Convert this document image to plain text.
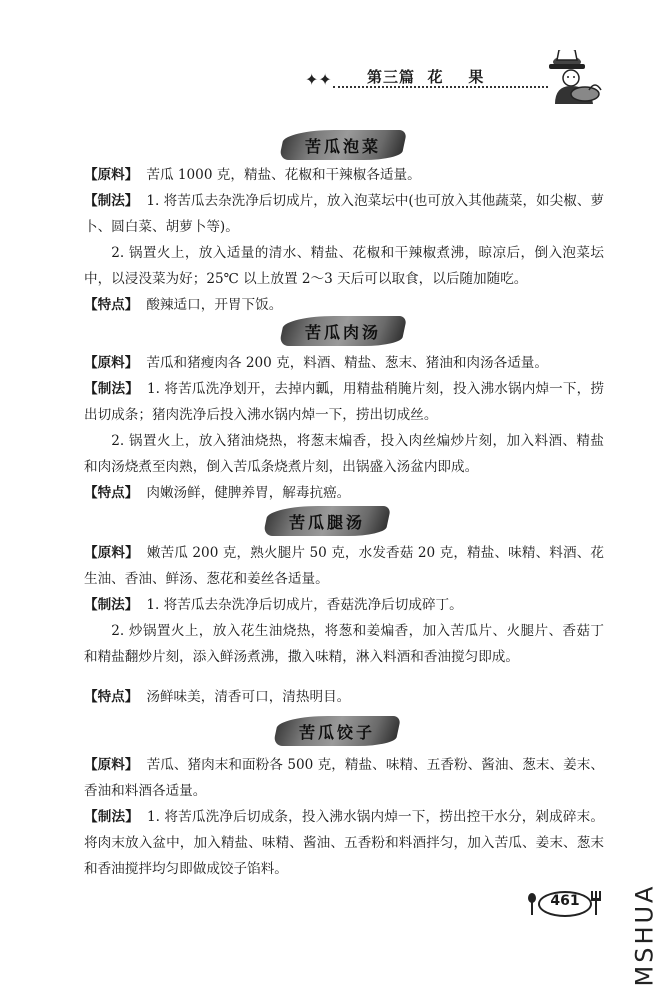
✦✦ 第三篇  花    果
苦瓜泡菜
【原料】 苦瓜 1000 克，精盐、花椒和干辣椒各适量。
【制法】 1. 将苦瓜去杂洗净后切成片，放入泡菜坛中(也可放入其他蔬菜，如尖椒、萝卜、圆白菜、胡萝卜等)。
2. 锅置火上，放入适量的清水、精盐、花椒和干辣椒煮沸，晾凉后，倒入泡菜坛中，以浸没菜为好；25℃ 以上放置 2～3 天后可以取食，以后随加随吃。
【特点】 酸辣适口，开胃下饭。
苦瓜肉汤
【原料】 苦瓜和猪瘦肉各 200 克，料酒、精盐、葱末、猪油和肉汤各适量。
【制法】 1. 将苦瓜洗净划开，去掉内瓤，用精盐稍腌片刻，投入沸水锅内焯一下，捞出切成条；猪肉洗净后投入沸水锅内焯一下，捞出切成丝。
2. 锅置火上，放入猪油烧热，将葱末煸香，投入肉丝煸炒片刻，加入料酒、精盐和肉汤烧煮至肉熟，倒入苦瓜条烧煮片刻，出锅盛入汤盆内即成。
【特点】 肉嫩汤鲜，健脾养胃，解毒抗癌。
苦瓜腿汤
【原料】 嫩苦瓜 200 克，熟火腿片 50 克，水发香菇 20 克，精盐、味精、料酒、花生油、香油、鲜汤、葱花和姜丝各适量。
【制法】 1. 将苦瓜去杂洗净后切成片，香菇洗净后切成碎丁。
2. 炒锅置火上，放入花生油烧热，将葱和姜煸香，加入苦瓜片、火腿片、香菇丁和精盐翻炒片刻，添入鲜汤煮沸，撒入味精，淋入料酒和香油搅匀即成。
【特点】 汤鲜味美，清香可口，清热明目。
苦瓜饺子
【原料】 苦瓜、猪肉末和面粉各 500 克，精盐、味精、五香粉、酱油、葱末、姜末、香油和料酒各适量。
【制法】 1. 将苦瓜洗净后切成条，投入沸水锅内焯一下，捞出控干水分，剁成碎末。将肉末放入盆中，加入精盐、味精、酱油、五香粉和料酒拌匀，加入苦瓜、姜末、葱末和香油搅拌均匀即做成饺子馅料。
461	MSHUA
